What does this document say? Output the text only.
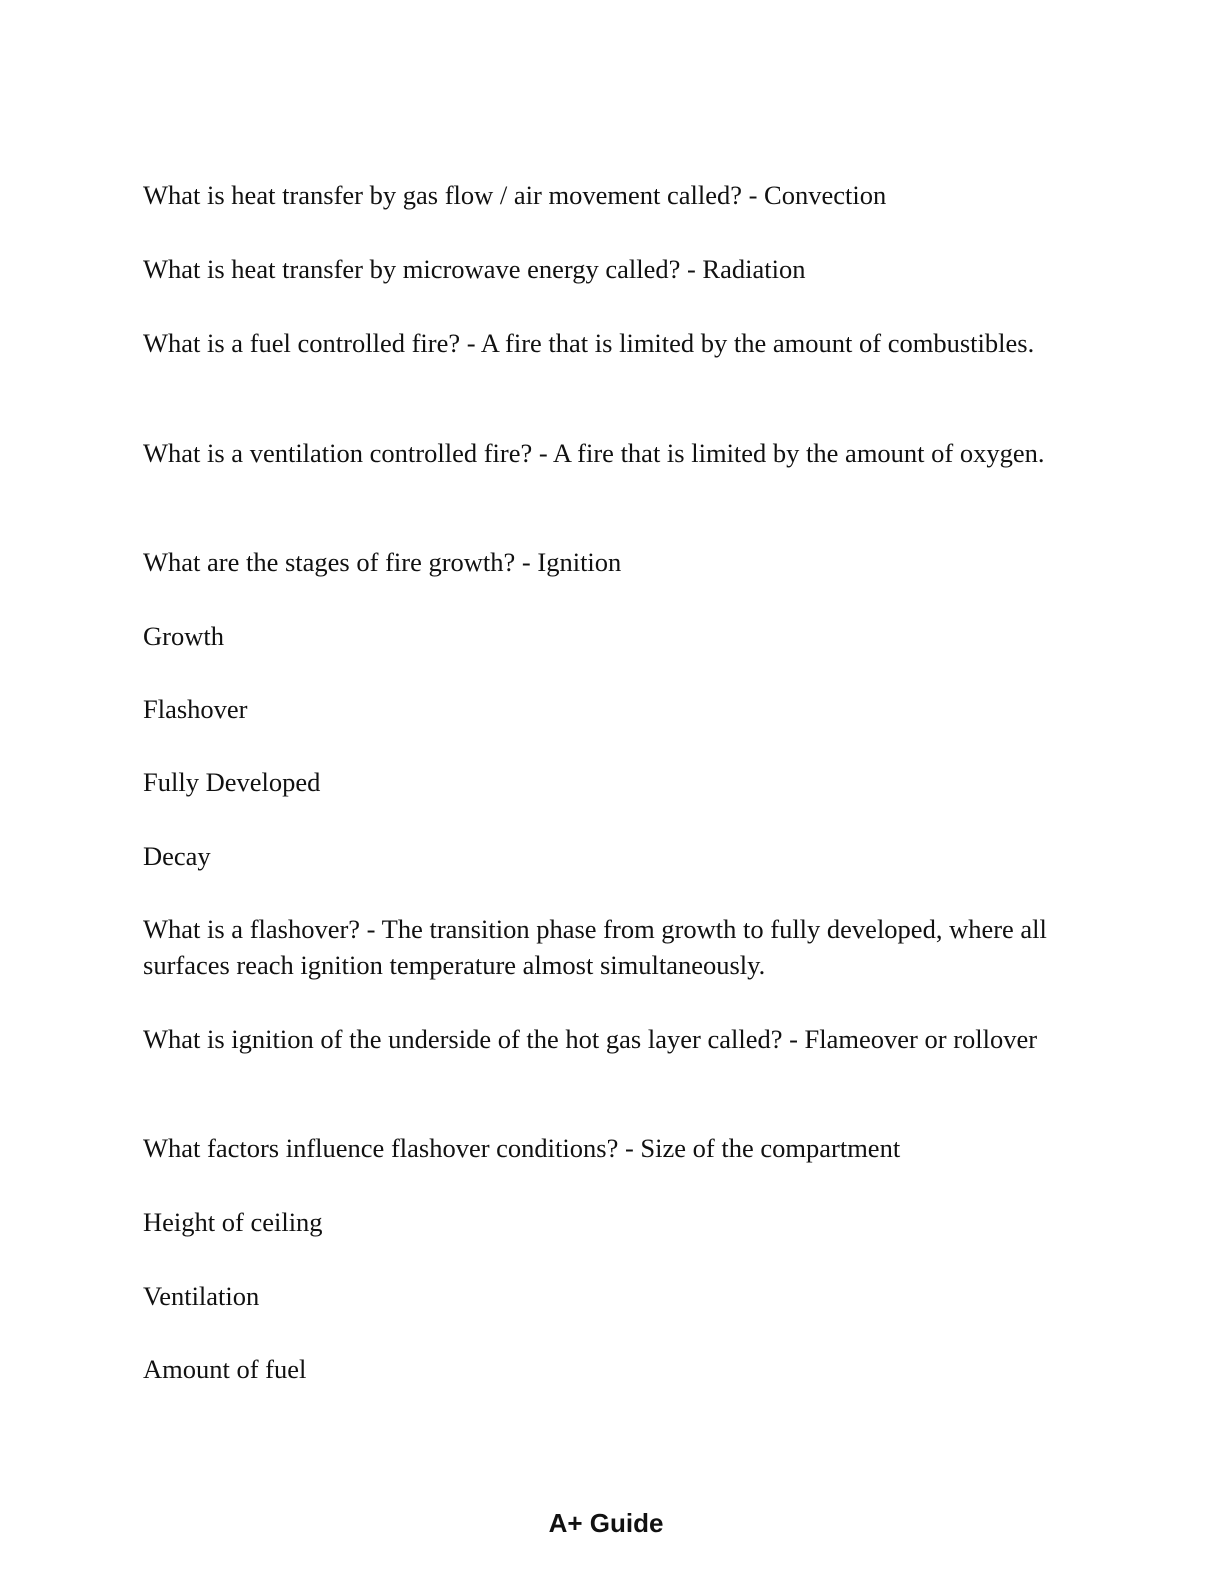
What is heat transfer by gas flow / air movement called? - Convection

What is heat transfer by microwave energy called? - Radiation

What is a fuel controlled fire? - A fire that is limited by the amount of combustibles.

What is a ventilation controlled fire? - A fire that is limited by the amount of oxygen.

What are the stages of fire growth? - Ignition

Growth

Flashover

Fully Developed

Decay

What is a flashover? - The transition phase from growth to fully developed, where all surfaces reach ignition temperature almost simultaneously.

What is ignition of the underside of the hot gas layer called? - Flameover or rollover

What factors influence flashover conditions? - Size of the compartment

Height of ceiling

Ventilation

Amount of fuel

A+ Guide
